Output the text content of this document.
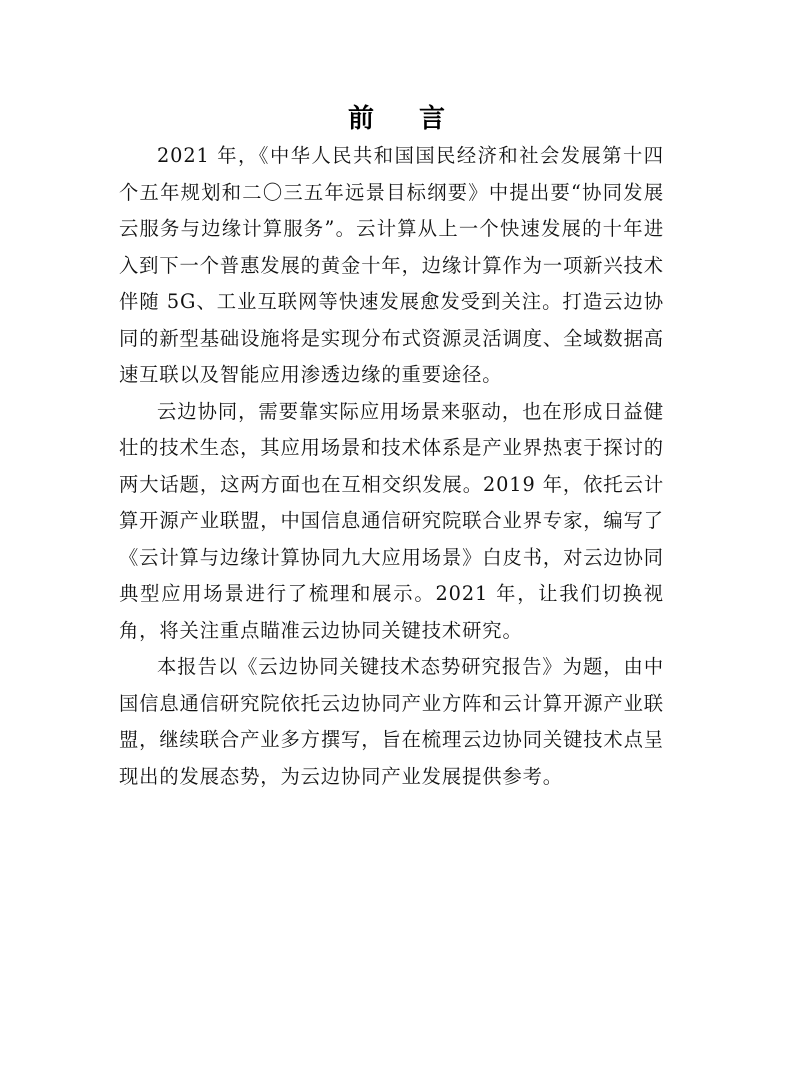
前 言

2021 年，《中华人民共和国国民经济和社会发展第十四个五年规划和二〇三五年远景目标纲要》中提出要“协同发展云服务与边缘计算服务”。云计算从上一个快速发展的十年进入到下一个普惠发展的黄金十年，边缘计算作为一项新兴技术伴随 5G、工业互联网等快速发展愈发受到关注。打造云边协同的新型基础设施将是实现分布式资源灵活调度、全域数据高速互联以及智能应用渗透边缘的重要途径。

云边协同，需要靠实际应用场景来驱动，也在形成日益健壮的技术生态，其应用场景和技术体系是产业界热衷于探讨的两大话题，这两方面也在互相交织发展。2019 年，依托云计算开源产业联盟，中国信息通信研究院联合业界专家，编写了《云计算与边缘计算协同九大应用场景》白皮书，对云边协同典型应用场景进行了梳理和展示。2021 年，让我们切换视角，将关注重点瞄准云边协同关键技术研究。

本报告以《云边协同关键技术态势研究报告》为题，由中国信息通信研究院依托云边协同产业方阵和云计算开源产业联盟，继续联合产业多方撰写，旨在梳理云边协同关键技术点呈现出的发展态势，为云边协同产业发展提供参考。
